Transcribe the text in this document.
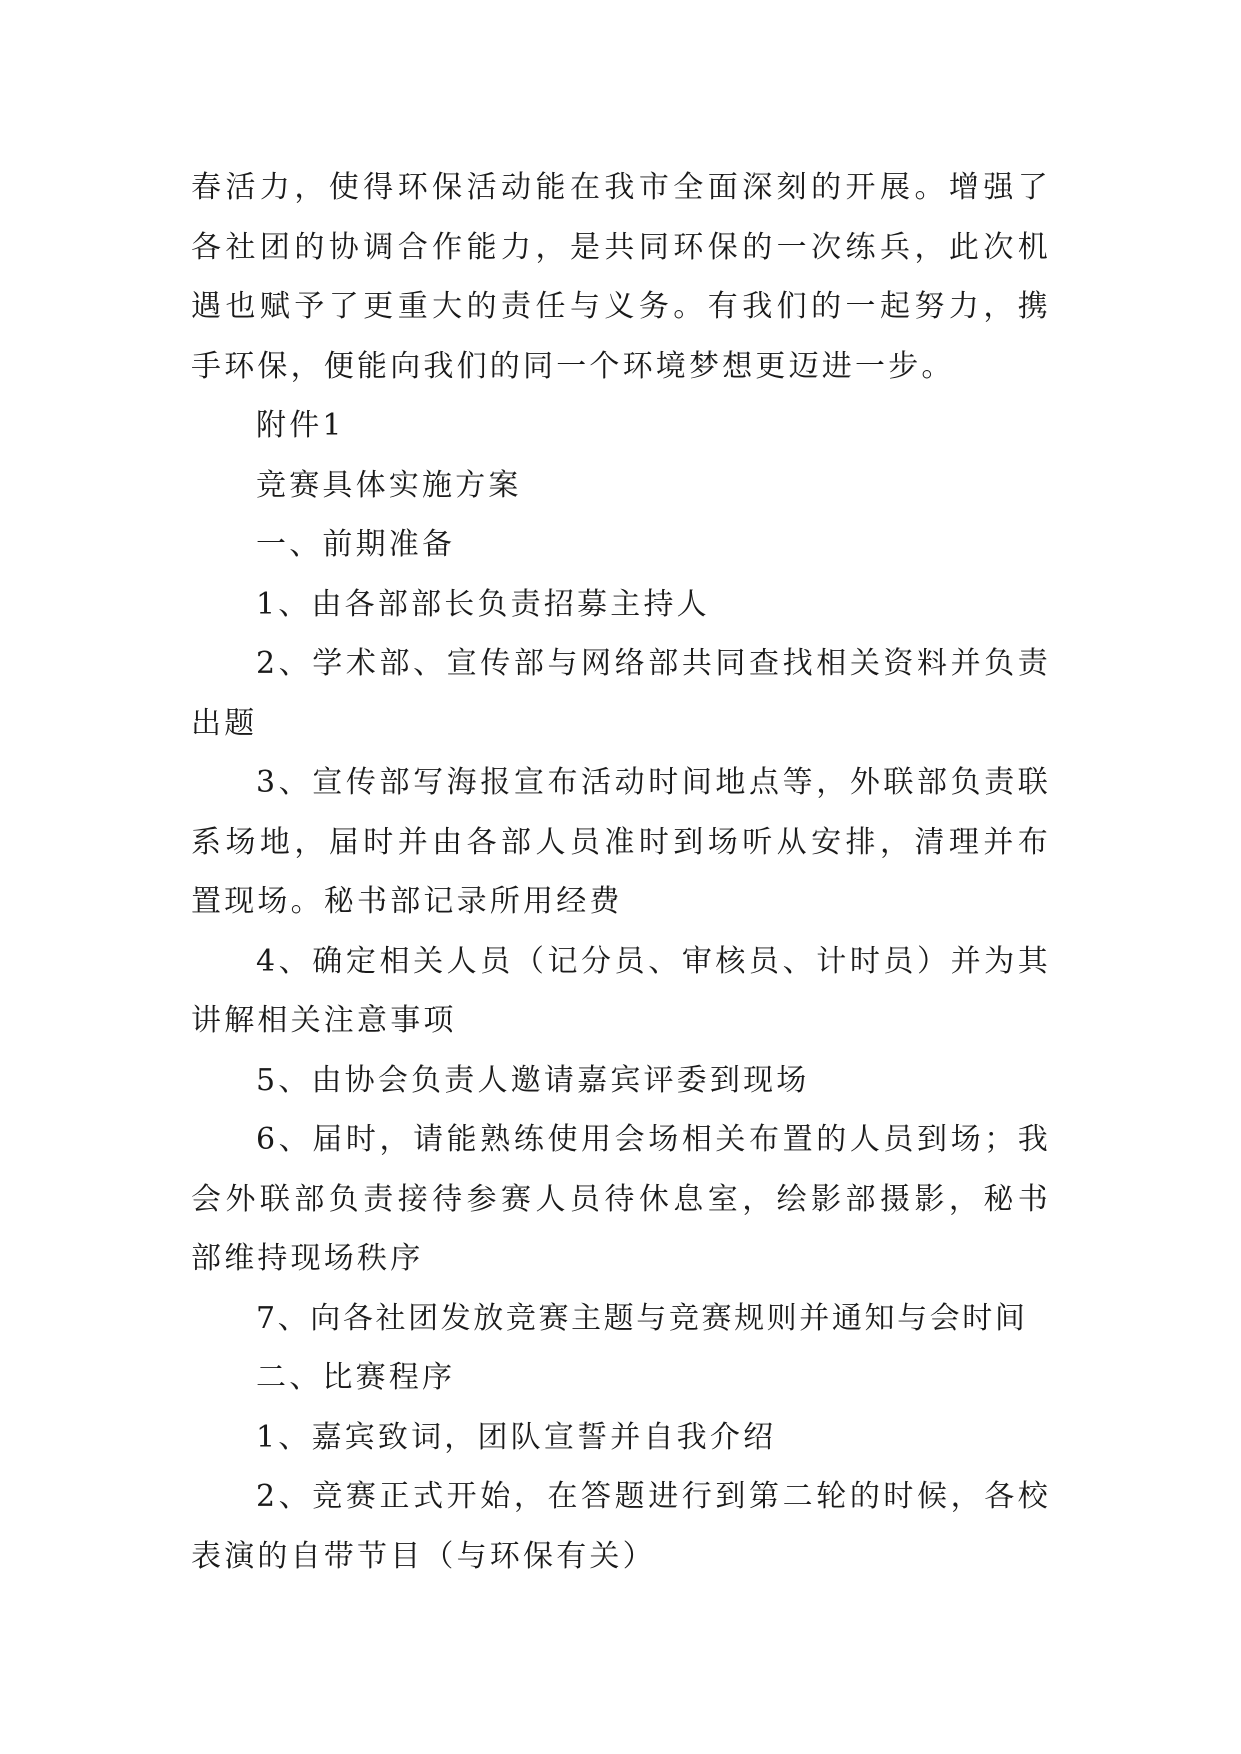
春活力，使得环保活动能在我市全面深刻的开展。增强了各社团的协调合作能力，是共同环保的一次练兵，此次机遇也赋予了更重大的责任与义务。有我们的一起努力，携手环保，便能向我们的同一个环境梦想更迈进一步。

附件1

竞赛具体实施方案

一、前期准备

1、由各部部长负责招募主持人

2、学术部、宣传部与网络部共同查找相关资料并负责出题

3、宣传部写海报宣布活动时间地点等，外联部负责联系场地，届时并由各部人员准时到场听从安排，清理并布置现场。秘书部记录所用经费

4、确定相关人员（记分员、审核员、计时员）并为其讲解相关注意事项

5、由协会负责人邀请嘉宾评委到现场

6、届时，请能熟练使用会场相关布置的人员到场；我会外联部负责接待参赛人员待休息室，绘影部摄影，秘书部维持现场秩序

7、向各社团发放竞赛主题与竞赛规则并通知与会时间

二、比赛程序

1、嘉宾致词，团队宣誓并自我介绍

2、竞赛正式开始，在答题进行到第二轮的时候，各校表演的自带节目（与环保有关）
